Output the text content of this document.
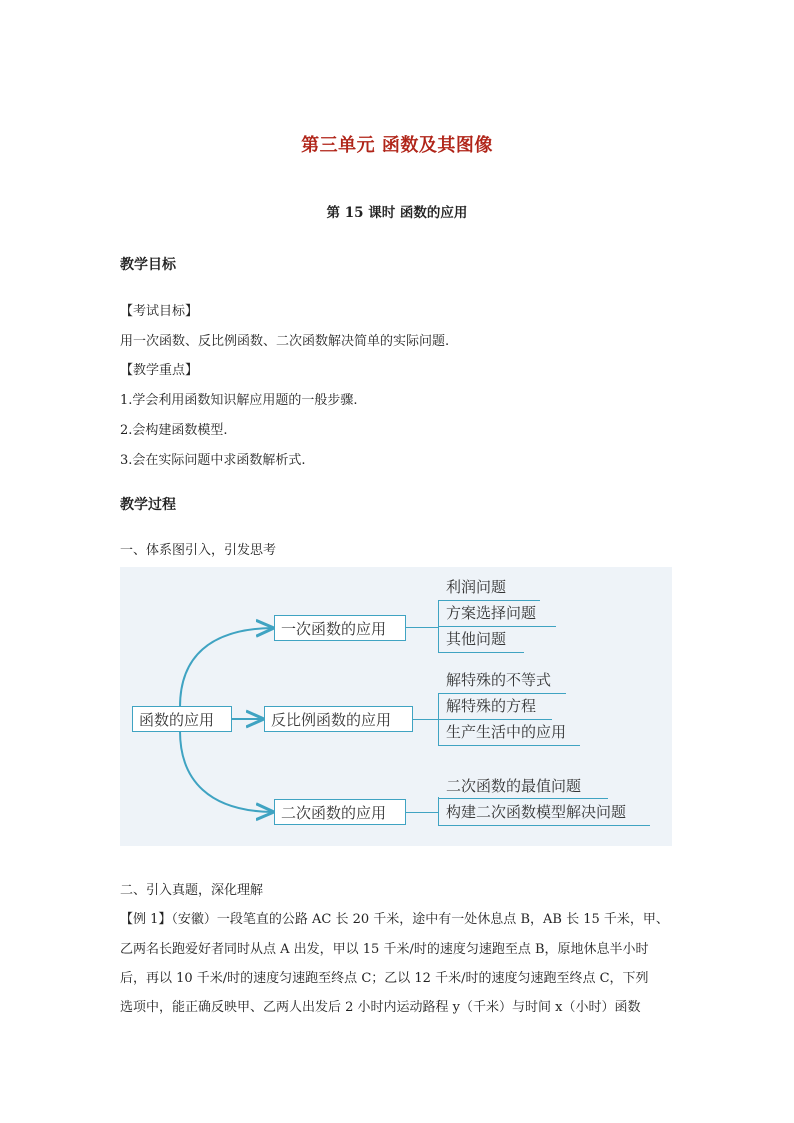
第三单元 函数及其图像
第 15 课时 函数的应用
教学目标
【考试目标】
用一次函数、反比例函数、二次函数解决简单的实际问题.
【教学重点】
1.学会利用函数知识解应用题的一般步骤.
2.会构建函数模型.
3.会在实际问题中求函数解析式.
教学过程
一、体系图引入，引发思考
函数的应用
一次函数的应用
反比例函数的应用
二次函数的应用
利润问题
方案选择问题
其他问题
解特殊的不等式
解特殊的方程
生产生活中的应用
二次函数的最值问题
构建二次函数模型解决问题
二、引入真题，深化理解
【例 1】（安徽）一段笔直的公路 AC 长 20 千米，途中有一处休息点 B，AB 长 15 千米，甲、
乙两名长跑爱好者同时从点 A 出发，甲以 15 千米/时的速度匀速跑至点 B，原地休息半小时
后，再以 10 千米/时的速度匀速跑至终点 C；乙以 12 千米/时的速度匀速跑至终点 C，下列
选项中，能正确反映甲、乙两人出发后 2 小时内运动路程 y（千米）与时间 x（小时）函数
